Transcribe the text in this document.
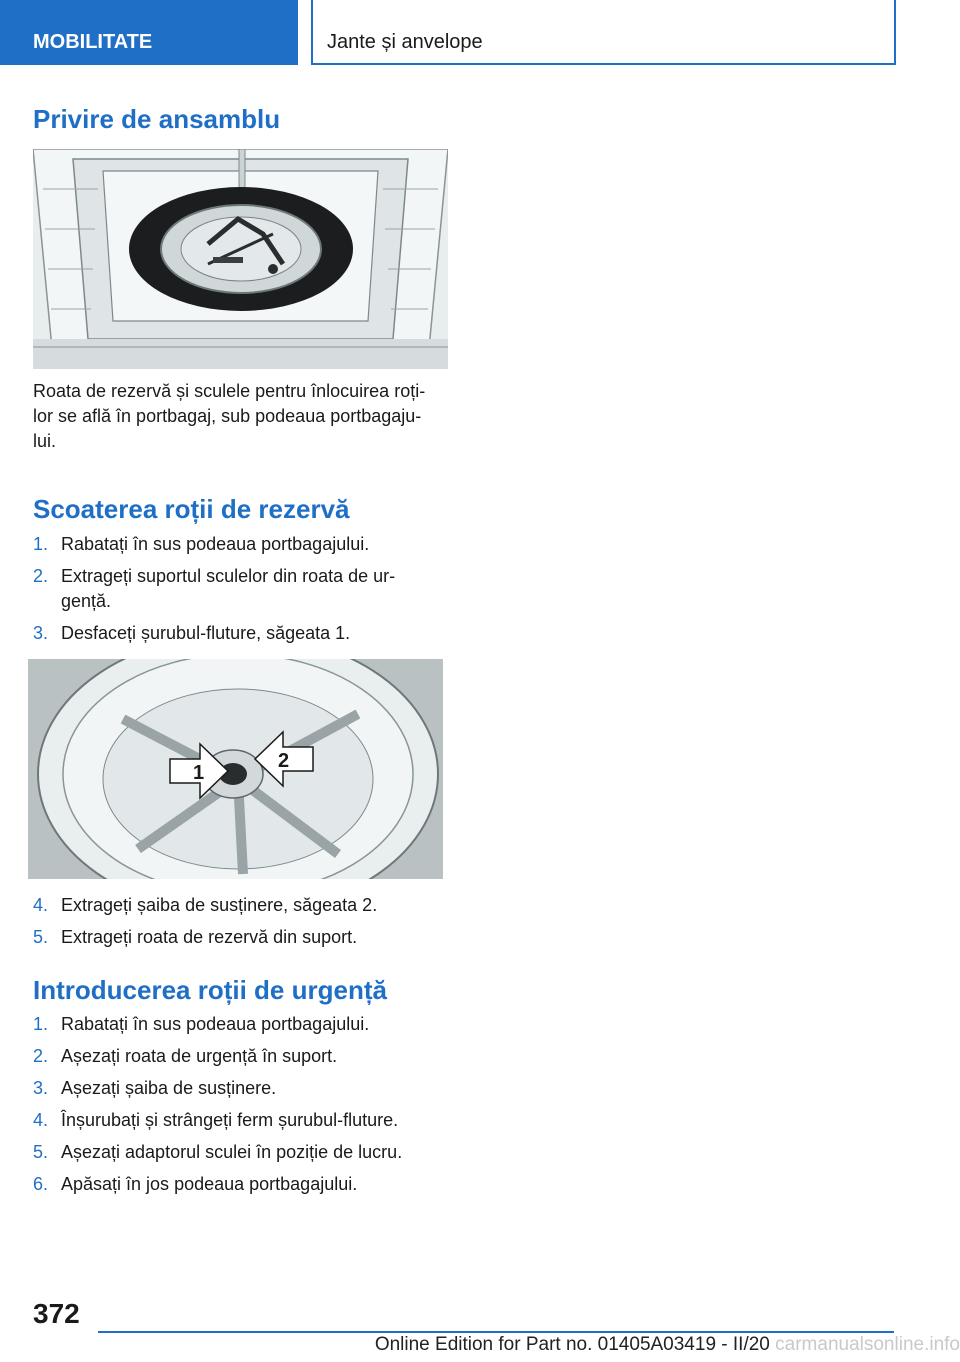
MOBILITATE	Jante și anvelope
Privire de ansamblu
Roata de rezervă și sculele pentru înlocuirea roți-
lor se află în portbagaj, sub podeaua portbagaju-
lui.
Scoaterea roții de rezervă
1. Rabatați în sus podeaua portbagajului.
2. Extrageți suportul sculelor din roata de ur-
gență.
3. Desfaceți șurubul-fluture, săgeata 1.
1
2
4. Extrageți șaiba de susținere, săgeata 2.
5. Extrageți roata de rezervă din suport.
Introducerea roții de urgență
1. Rabatați în sus podeaua portbagajului.
2. Așezați roata de urgență în suport.
3. Așezați șaiba de susținere.
4. Înșurubați și strângeți ferm șurubul-fluture.
5. Așezați adaptorul sculei în poziție de lucru.
6. Apăsați în jos podeaua portbagajului.
372
Online Edition for Part no. 01405A03419 - II/20 carmanualsonline.info
